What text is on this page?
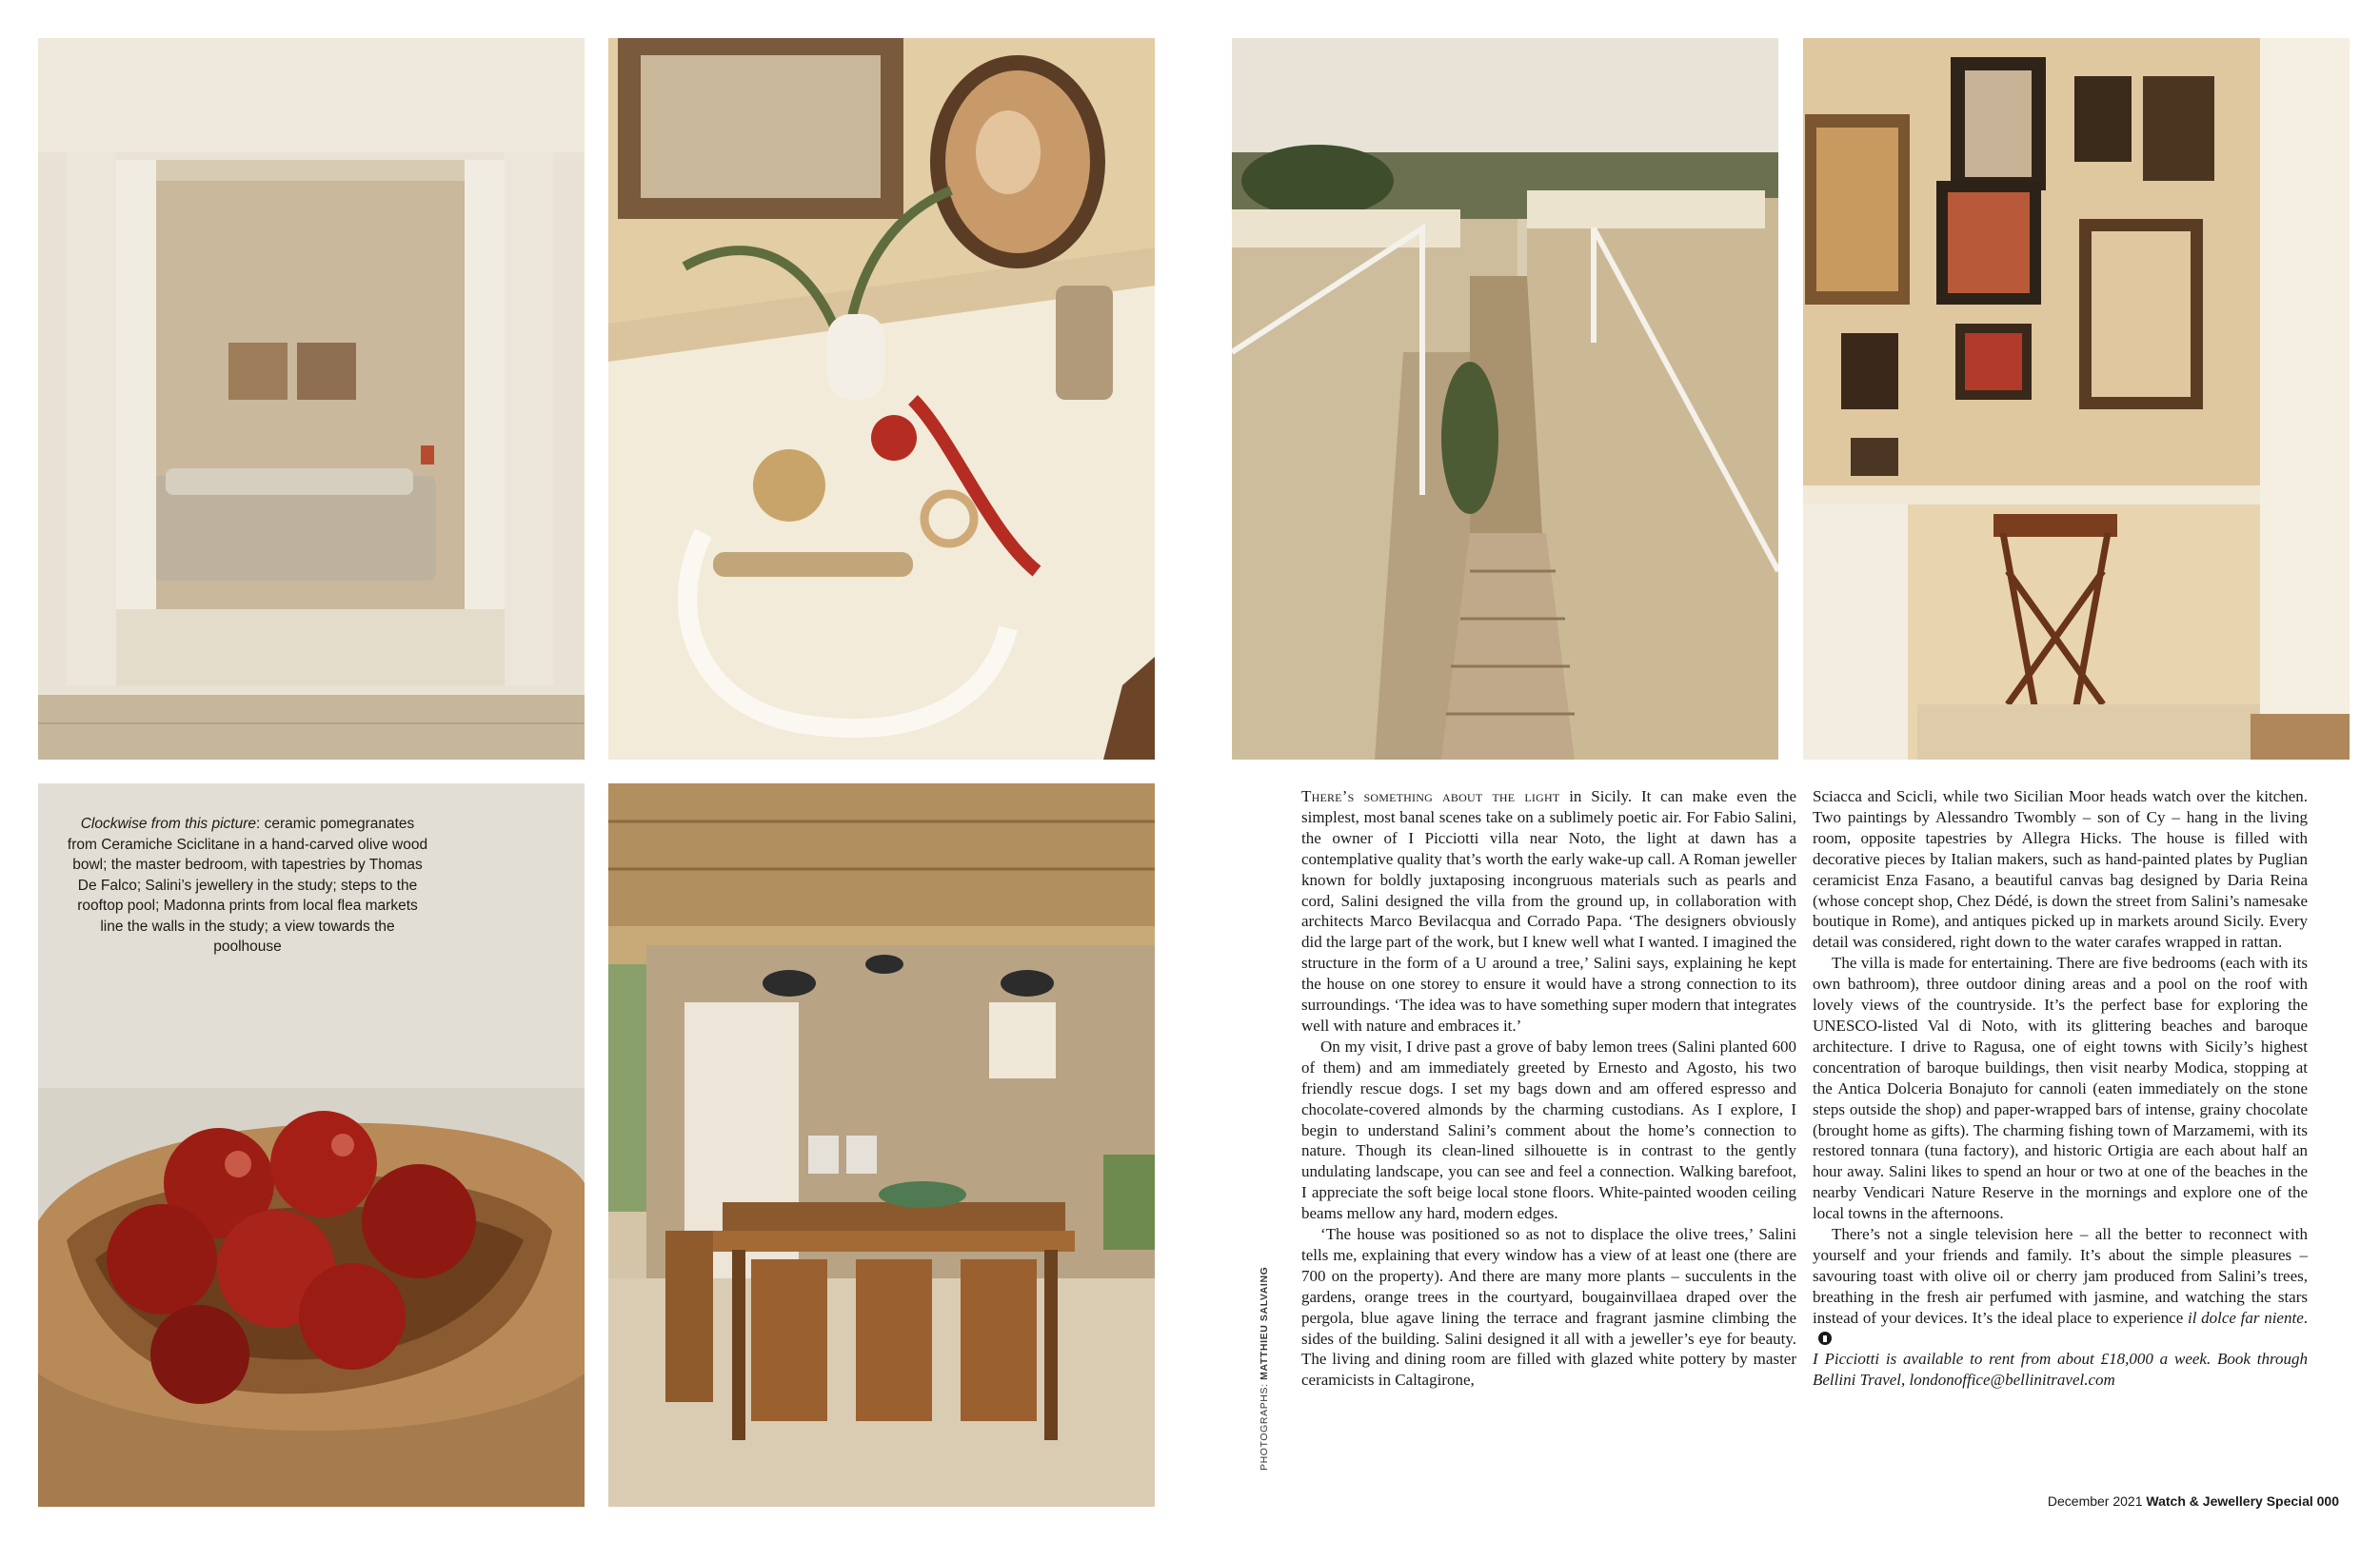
Clockwise from this picture: ceramic pomegranates from Ceramiche Sciclitane in a hand-carved olive wood bowl; the master bedroom, with tapestries by Thomas De Falco; Salini’s jewellery in the study; steps to the rooftop pool; Madonna prints from local flea markets line the walls in the study; a view towards the poolhouse

PHOTOGRAPHS: MATTHIEU SALVAING

There’s something about the light in Sicily. It can make even the simplest, most banal scenes take on a sublimely poetic air. For Fabio Salini, the owner of I Picciotti villa near Noto, the light at dawn has a contemplative quality that’s worth the early wake-up call. A Roman jeweller known for boldly juxtaposing incongruous materials such as pearls and cord, Salini designed the villa from the ground up, in collaboration with architects Marco Bevilacqua and Corrado Papa. ‘The designers obviously did the large part of the work, but I knew well what I wanted. I imagined the structure in the form of a U around a tree,’ Salini says, explaining he kept the house on one storey to ensure it would have a strong connection to its surroundings. ‘The idea was to have something super modern that integrates well with nature and embraces it.’

On my visit, I drive past a grove of baby lemon trees (Salini planted 600 of them) and am immediately greeted by Ernesto and Agosto, his two friendly rescue dogs. I set my bags down and am offered espresso and chocolate-covered almonds by the charming custodians. As I explore, I begin to understand Salini’s comment about the home’s connection to nature. Though its clean-lined silhouette is in contrast to the gently undulating landscape, you can see and feel a connection. Walking barefoot, I appreciate the soft beige local stone floors. White-painted wooden ceiling beams mellow any hard, modern edges.

‘The house was positioned so as not to displace the olive trees,’ Salini tells me, explaining that every window has a view of at least one (there are 700 on the property). And there are many more plants – succulents in the gardens, orange trees in the courtyard, bougainvillaea draped over the pergola, blue agave lining the terrace and fragrant jasmine climbing the sides of the building. Salini designed it all with a jeweller’s eye for beauty. The living and dining room are filled with glazed white pottery by master ceramicists in Caltagirone,

Sciacca and Scicli, while two Sicilian Moor heads watch over the kitchen. Two paintings by Alessandro Twombly – son of Cy – hang in the living room, opposite tapestries by Allegra Hicks. The house is filled with decorative pieces by Italian makers, such as hand-painted plates by Puglian ceramicist Enza Fasano, a beautiful canvas bag designed by Daria Reina (whose concept shop, Chez Dédé, is down the street from Salini’s namesake boutique in Rome), and antiques picked up in markets around Sicily. Every detail was considered, right down to the water carafes wrapped in rattan.

The villa is made for entertaining. There are five bedrooms (each with its own bathroom), three outdoor dining areas and a pool on the roof with lovely views of the countryside. It’s the perfect base for exploring the UNESCO-listed Val di Noto, with its glittering beaches and baroque architecture. I drive to Ragusa, one of eight towns with Sicily’s highest concentration of baroque buildings, then visit nearby Modica, stopping at the Antica Dolceria Bonajuto for cannoli (eaten immediately on the stone steps outside the shop) and paper-wrapped bars of intense, grainy chocolate (brought home as gifts). The charming fishing town of Marzamemi, with its restored tonnara (tuna factory), and historic Ortigia are each about half an hour away. Salini likes to spend an hour or two at one of the beaches in the nearby Vendicari Nature Reserve in the mornings and explore one of the local towns in the afternoons.

There’s not a single television here – all the better to reconnect with yourself and your friends and family. It’s about the simple pleasures – savouring toast with olive oil or cherry jam produced from Salini’s trees, breathing in the fresh air perfumed with jasmine, and watching the stars instead of your devices. It’s the ideal place to experience il dolce far niente.

I Picciotti is available to rent from about £18,000 a week. Book through Bellini Travel, londonoffice@bellinitravel.com

December 2021 Watch & Jewellery Special 000
